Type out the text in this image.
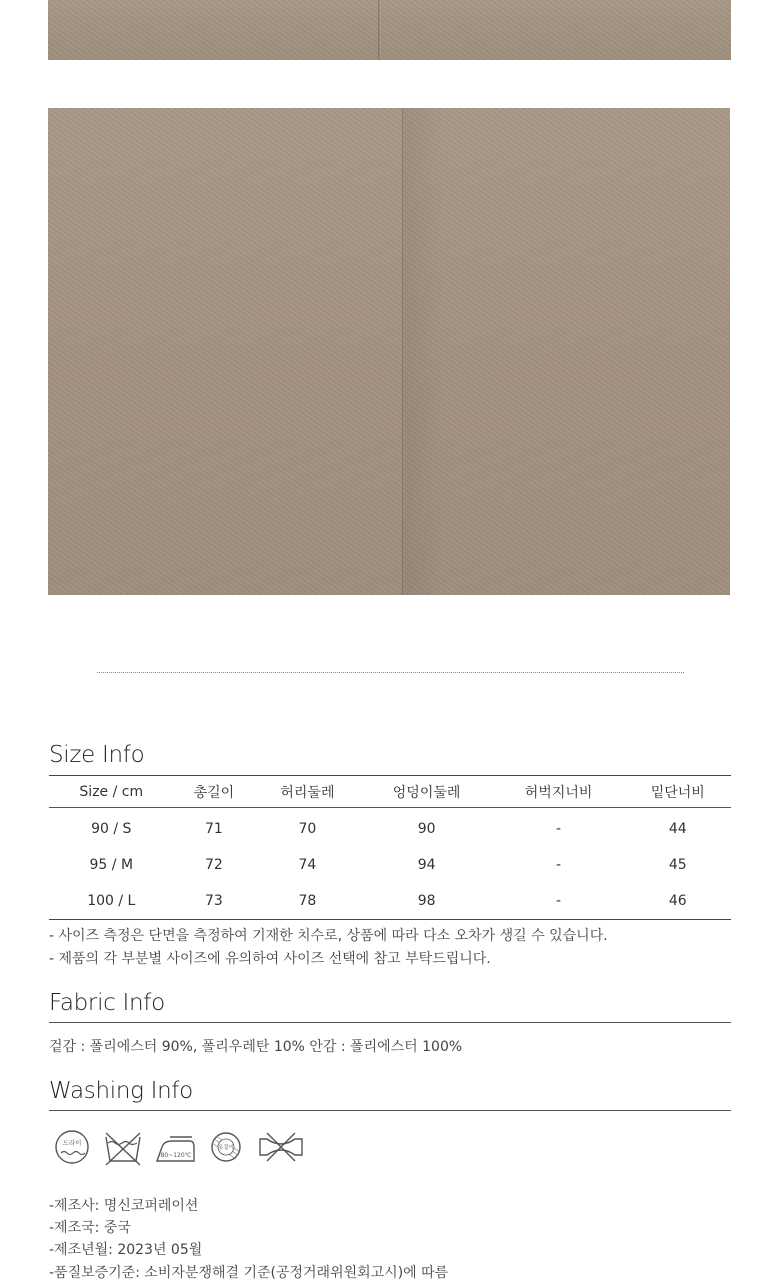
Size Info
Size / cm	총길이	허리둘레	엉덩이둘레	허벅지너비	밑단너비
90 / S	71	70	90	-	44
95 / M	72	74	94	-	45
100 / L	73	78	98	-	46
- 사이즈 측정은 단면을 측정하여 기재한 치수로, 상품에 따라 다소 오차가 생길 수 있습니다.
- 제품의 각 부분별 사이즈에 유의하여 사이즈 선택에 참고 부탁드립니다.
Fabric Info
겉감 : 폴리에스터 90%, 폴리우레탄 10% 안감 : 폴리에스터 100%
Washing Info
드라이
80~120℃
옷걸이
-제조사: 명신코퍼레이션
-제조국: 중국
-제조년월: 2023년 05월
-품질보증기준: 소비자분쟁해결 기준(공정거래위원회고시)에 따름
